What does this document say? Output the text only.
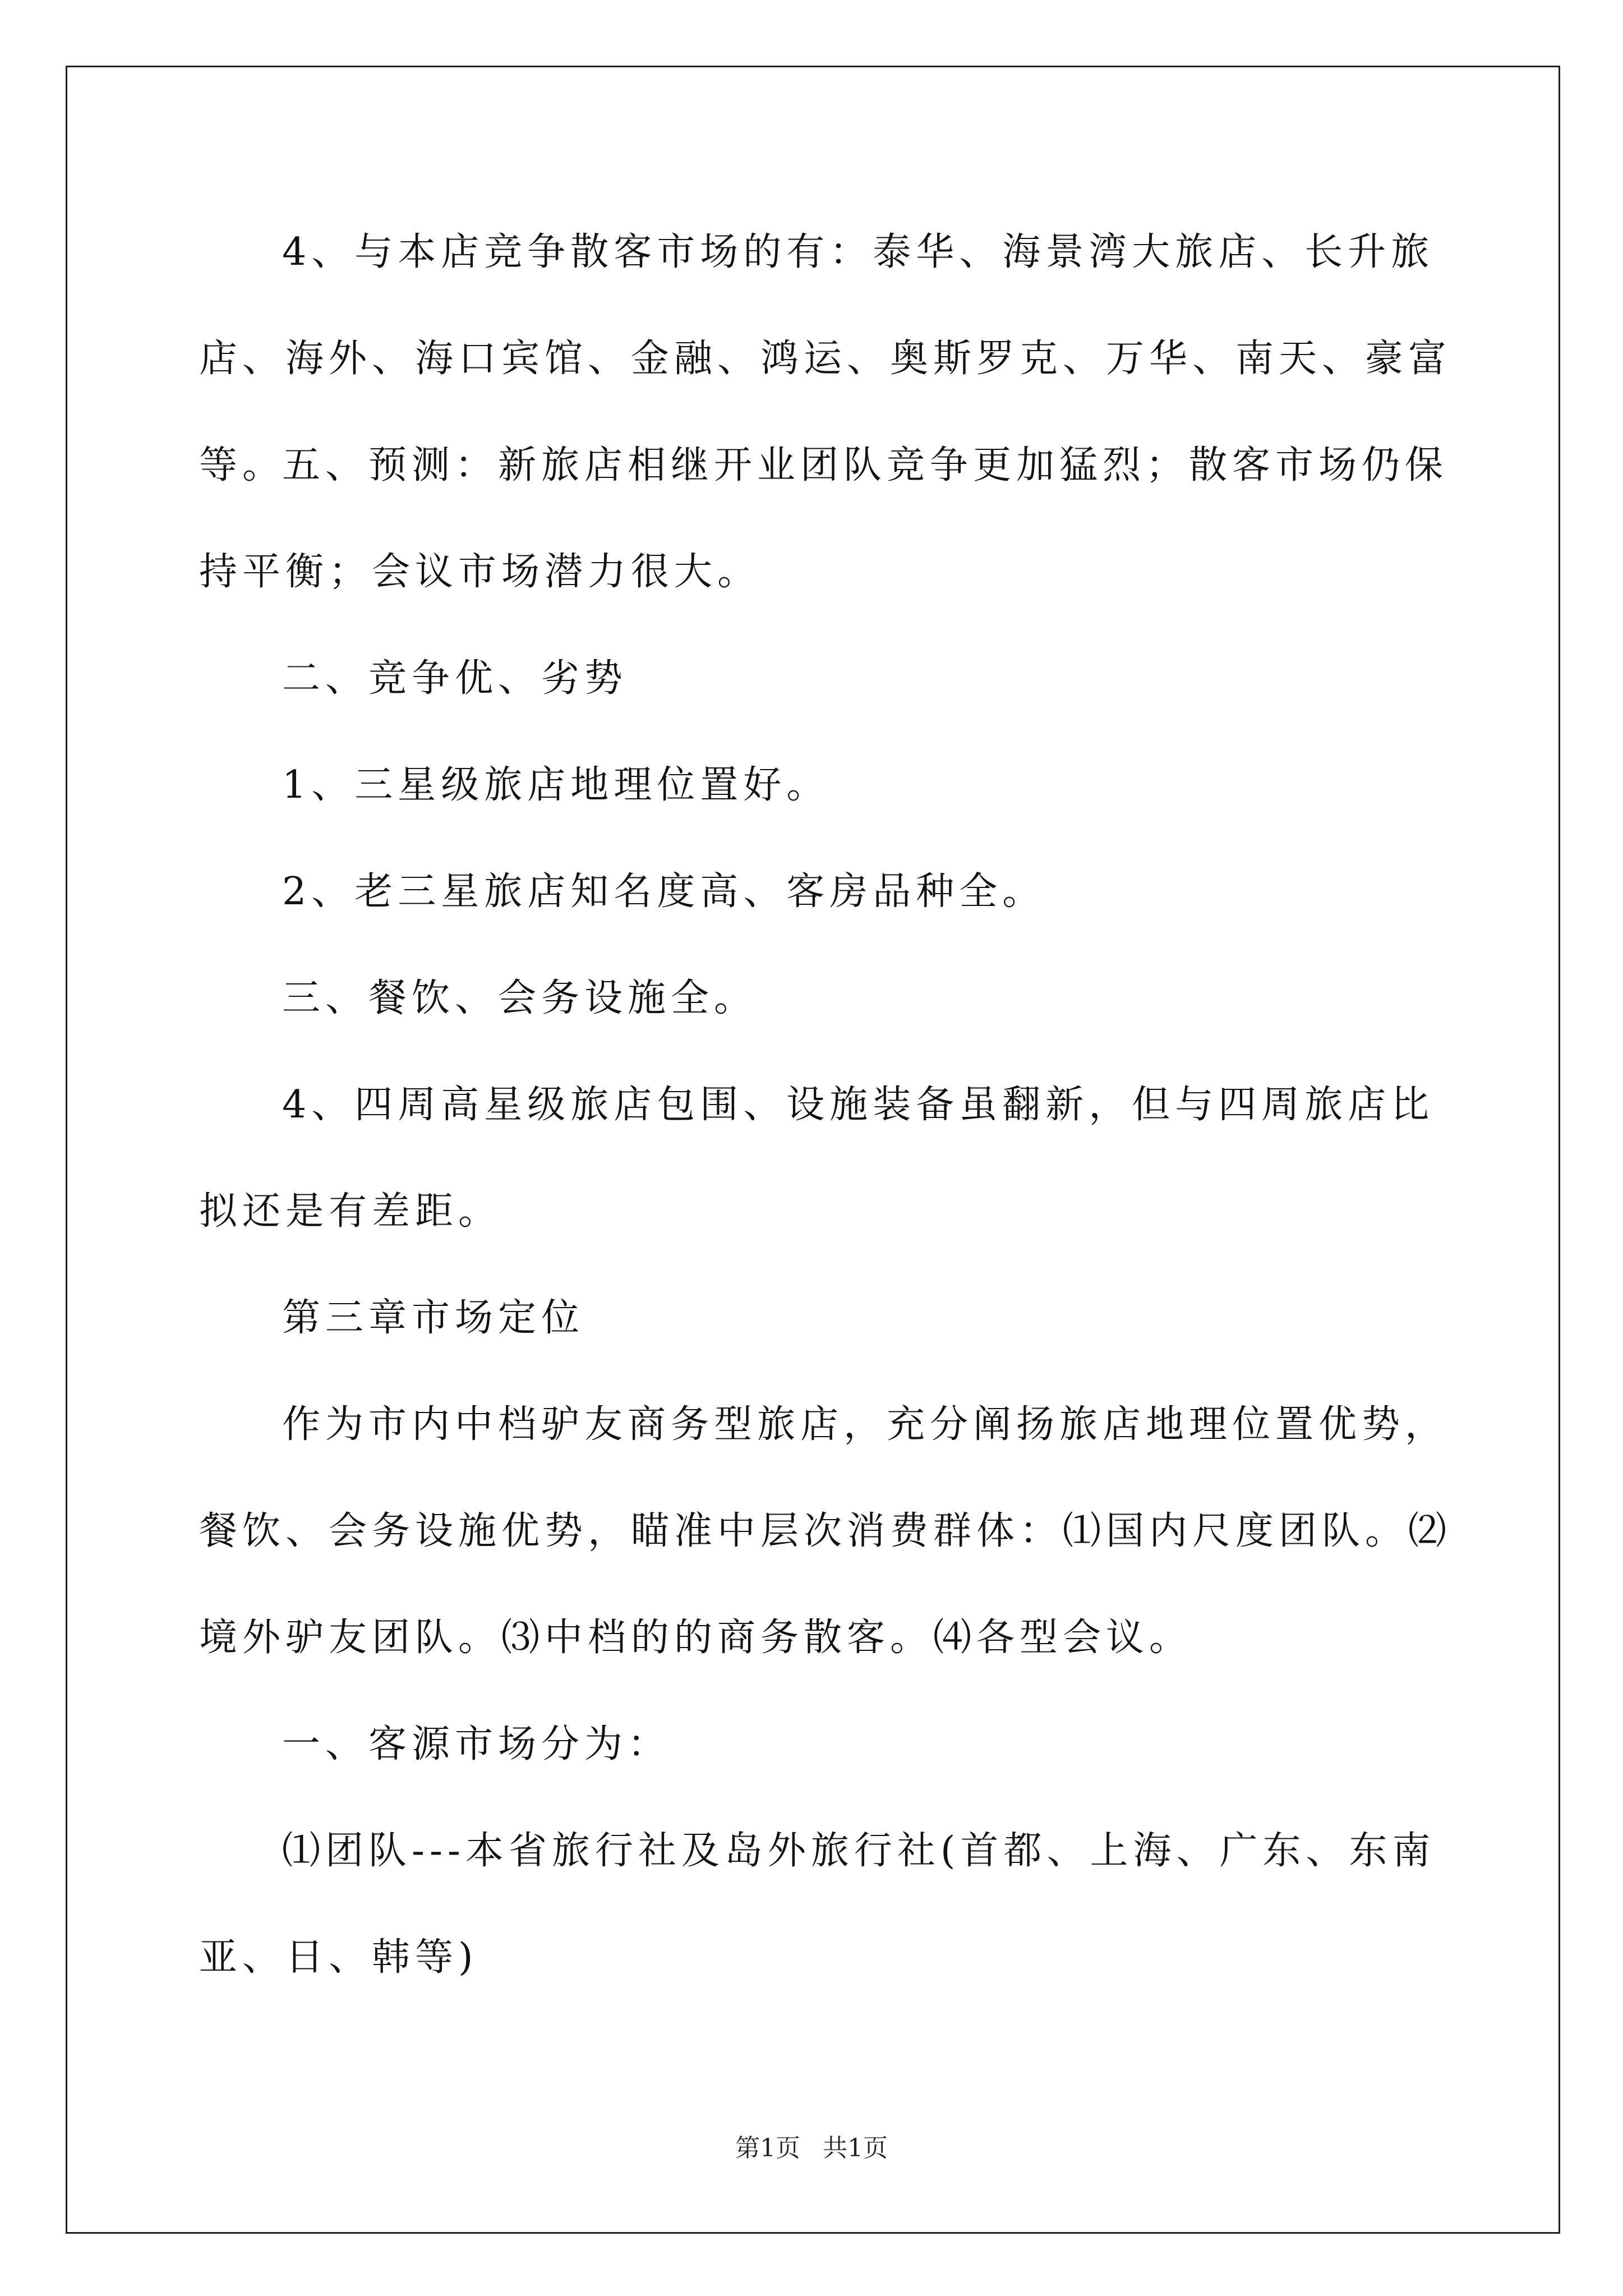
4、与本店竞争散客市场的有：泰华、海景湾大旅店、长升旅店、海外、海口宾馆、金融、鸿运、奥斯罗克、万华、南天、豪富等。
五、预测：新旅店相继开业团队竞争更加猛烈；散客市场仍保持平衡；会议市场潜力很大。
二、竞争优、劣势
1、三星级旅店地理位置好。
2、老三星旅店知名度高、客房品种全。
三、餐饮、会务设施全。
4、四周高星级旅店包围、设施装备虽翻新，但与四周旅店比拟还是有差距。
第三章市场定位
作为市内中档驴友商务型旅店，充分阐扬旅店地理位置优势，餐饮、会务设施优势，瞄准中层次消费群体：⑴国内尺度团队。⑵境外驴友团队。⑶中档的的商务散客。⑷各型会议。
一、客源市场分为：
⑴团队---本省旅行社及岛外旅行社(首都、上海、广东、东南亚、日、韩等)
第1页 共1页
